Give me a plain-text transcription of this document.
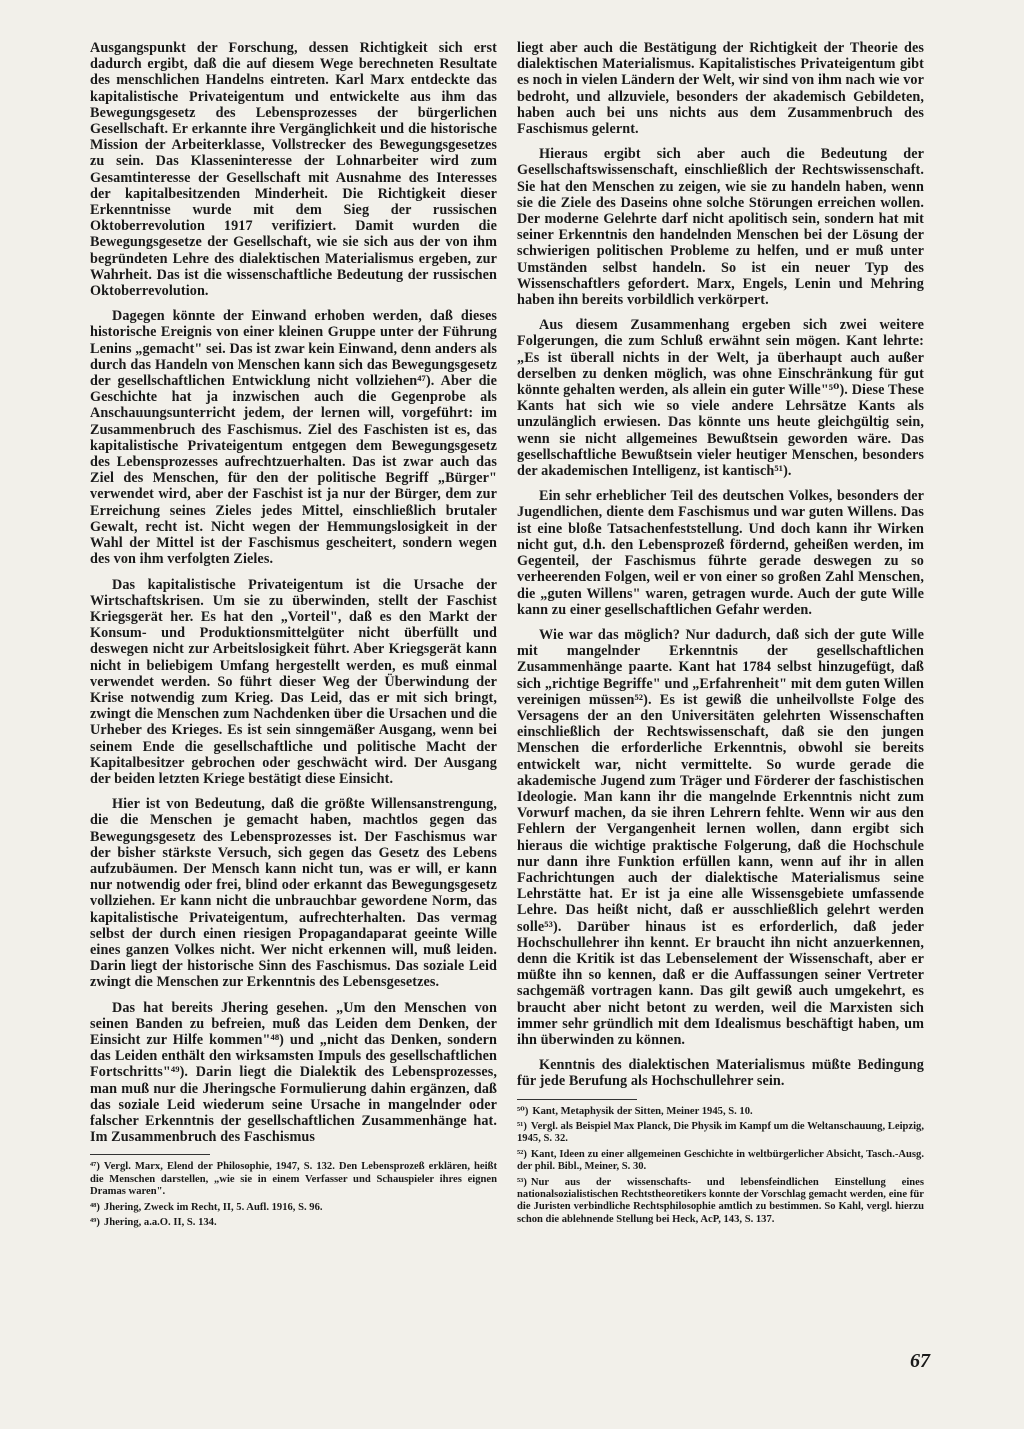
Ausgangspunkt der Forschung, dessen Richtigkeit sich erst dadurch ergibt, daß die auf diesem Wege berechneten Resultate des menschlichen Handelns eintreten. Karl Marx entdeckte das kapitalistische Privateigentum und entwickelte aus ihm das Bewegungsgesetz des Lebensprozesses der bürgerlichen Gesellschaft. Er erkannte ihre Vergänglichkeit und die historische Mission der Arbeiterklasse, Vollstrecker des Bewegungsgesetzes zu sein. Das Klasseninteresse der Lohnarbeiter wird zum Gesamtinteresse der Gesellschaft mit Ausnahme des Interesses der kapitalbesitzenden Minderheit. Die Richtigkeit dieser Erkenntnisse wurde mit dem Sieg der russischen Oktoberrevolution 1917 verifiziert. Damit wurden die Bewegungsgesetze der Gesellschaft, wie sie sich aus der von ihm begründeten Lehre des dialektischen Materialismus ergeben, zur Wahrheit. Das ist die wissenschaftliche Bedeutung der russischen Oktoberrevolution.

Dagegen könnte der Einwand erhoben werden, daß dieses historische Ereignis von einer kleinen Gruppe unter der Führung Lenins „gemacht" sei. Das ist zwar kein Einwand, denn anders als durch das Handeln von Menschen kann sich das Bewegungsgesetz der gesellschaftlichen Entwicklung nicht vollziehen⁴⁷). Aber die Geschichte hat ja inzwischen auch die Gegenprobe als Anschauungsunterricht jedem, der lernen will, vorgeführt: im Zusammenbruch des Faschismus. Ziel des Faschisten ist es, das kapitalistische Privateigentum entgegen dem Bewegungsgesetz des Lebensprozesses aufrechtzuerhalten. Das ist zwar auch das Ziel des Menschen, für den der politische Begriff „Bürger" verwendet wird, aber der Faschist ist ja nur der Bürger, dem zur Erreichung seines Zieles jedes Mittel, einschließlich brutaler Gewalt, recht ist. Nicht wegen der Hemmungslosigkeit in der Wahl der Mittel ist der Faschismus gescheitert, sondern wegen des von ihm verfolgten Zieles.

Das kapitalistische Privateigentum ist die Ursache der Wirtschaftskrisen. Um sie zu überwinden, stellt der Faschist Kriegsgerät her. Es hat den „Vorteil", daß es den Markt der Konsum- und Produktionsmittelgüter nicht überfüllt und deswegen nicht zur Arbeitslosigkeit führt. Aber Kriegsgerät kann nicht in beliebigem Umfang hergestellt werden, es muß einmal verwendet werden. So führt dieser Weg der Überwindung der Krise notwendig zum Krieg. Das Leid, das er mit sich bringt, zwingt die Menschen zum Nachdenken über die Ursachen und die Urheber des Krieges. Es ist sein sinngemäßer Ausgang, wenn bei seinem Ende die gesellschaftliche und politische Macht der Kapitalbesitzer gebrochen oder geschwächt wird. Der Ausgang der beiden letzten Kriege bestätigt diese Einsicht.

Hier ist von Bedeutung, daß die größte Willensanstrengung, die die Menschen je gemacht haben, machtlos gegen das Bewegungsgesetz des Lebensprozesses ist. Der Faschismus war der bisher stärkste Versuch, sich gegen das Gesetz des Lebens aufzubäumen. Der Mensch kann nicht tun, was er will, er kann nur notwendig oder frei, blind oder erkannt das Bewegungsgesetz vollziehen. Er kann nicht die unbrauchbar gewordene Norm, das kapitalistische Privateigentum, aufrechterhalten. Das vermag selbst der durch einen riesigen Propagandaparat geeinte Wille eines ganzen Volkes nicht. Wer nicht erkennen will, muß leiden. Darin liegt der historische Sinn des Faschismus. Das soziale Leid zwingt die Menschen zur Erkenntnis des Lebensgesetzes.

Das hat bereits Jhering gesehen. „Um den Menschen von seinen Banden zu befreien, muß das Leiden dem Denken, der Einsicht zur Hilfe kommen"⁴⁸) und „nicht das Denken, sondern das Leiden enthält den wirksamsten Impuls des gesellschaftlichen Fortschritts"⁴⁹). Darin liegt die Dialektik des Lebensprozesses, man muß nur die Jheringsche Formulierung dahin ergänzen, daß das soziale Leid wiederum seine Ursache in mangelnder oder falscher Erkenntnis der gesellschaftlichen Zusammenhänge hat. Im Zusammenbruch des Faschismus

⁴⁷) Vergl. Marx, Elend der Philosophie, 1947, S. 132. Den Lebensprozeß erklären, heißt die Menschen darstellen, „wie sie in einem Verfasser und Schauspieler ihres eignen Dramas waren".

⁴⁸) Jhering, Zweck im Recht, II, 5. Aufl. 1916, S. 96.

⁴⁹) Jhering, a.a.O. II, S. 134.

liegt aber auch die Bestätigung der Richtigkeit der Theorie des dialektischen Materialismus. Kapitalistisches Privateigentum gibt es noch in vielen Ländern der Welt, wir sind von ihm nach wie vor bedroht, und allzuviele, besonders der akademisch Gebildeten, haben auch bei uns nichts aus dem Zusammenbruch des Faschismus gelernt.

Hieraus ergibt sich aber auch die Bedeutung der Gesellschaftswissenschaft, einschließlich der Rechtswissenschaft. Sie hat den Menschen zu zeigen, wie sie zu handeln haben, wenn sie die Ziele des Daseins ohne solche Störungen erreichen wollen. Der moderne Gelehrte darf nicht apolitisch sein, sondern hat mit seiner Erkenntnis den handelnden Menschen bei der Lösung der schwierigen politischen Probleme zu helfen, und er muß unter Umständen selbst handeln. So ist ein neuer Typ des Wissenschaftlers gefordert. Marx, Engels, Lenin und Mehring haben ihn bereits vorbildlich verkörpert.

Aus diesem Zusammenhang ergeben sich zwei weitere Folgerungen, die zum Schluß erwähnt sein mögen. Kant lehrte: „Es ist überall nichts in der Welt, ja überhaupt auch außer derselben zu denken möglich, was ohne Einschränkung für gut könnte gehalten werden, als allein ein guter Wille"⁵⁰). Diese These Kants hat sich wie so viele andere Lehrsätze Kants als unzulänglich erwiesen. Das könnte uns heute gleichgültig sein, wenn sie nicht allgemeines Bewußtsein geworden wäre. Das gesellschaftliche Bewußtsein vieler heutiger Menschen, besonders der akademischen Intelligenz, ist kantisch⁵¹).

Ein sehr erheblicher Teil des deutschen Volkes, besonders der Jugendlichen, diente dem Faschismus und war guten Willens. Das ist eine bloße Tatsachenfeststellung. Und doch kann ihr Wirken nicht gut, d.h. den Lebensprozeß fördernd, geheißen werden, im Gegenteil, der Faschismus führte gerade deswegen zu so verheerenden Folgen, weil er von einer so großen Zahl Menschen, die „guten Willens" waren, getragen wurde. Auch der gute Wille kann zu einer gesellschaftlichen Gefahr werden.

Wie war das möglich? Nur dadurch, daß sich der gute Wille mit mangelnder Erkenntnis der gesellschaftlichen Zusammenhänge paarte. Kant hat 1784 selbst hinzugefügt, daß sich „richtige Begriffe" und „Erfahrenheit" mit dem guten Willen vereinigen müssen⁵²). Es ist gewiß die unheilvollste Folge des Versagens der an den Universitäten gelehrten Wissenschaften einschließlich der Rechtswissenschaft, daß sie den jungen Menschen die erforderliche Erkenntnis, obwohl sie bereits entwickelt war, nicht vermittelte. So wurde gerade die akademische Jugend zum Träger und Förderer der faschistischen Ideologie. Man kann ihr die mangelnde Erkenntnis nicht zum Vorwurf machen, da sie ihren Lehrern fehlte. Wenn wir aus den Fehlern der Vergangenheit lernen wollen, dann ergibt sich hieraus die wichtige praktische Folgerung, daß die Hochschule nur dann ihre Funktion erfüllen kann, wenn auf ihr in allen Fachrichtungen auch der dialektische Materialismus seine Lehrstätte hat. Er ist ja eine alle Wissensgebiete umfassende Lehre. Das heißt nicht, daß er ausschließlich gelehrt werden solle⁵³). Darüber hinaus ist es erforderlich, daß jeder Hochschullehrer ihn kennt. Er braucht ihn nicht anzuerkennen, denn die Kritik ist das Lebenselement der Wissenschaft, aber er müßte ihn so kennen, daß er die Auffassungen seiner Vertreter sachgemäß vortragen kann. Das gilt gewiß auch umgekehrt, es braucht aber nicht betont zu werden, weil die Marxisten sich immer sehr gründlich mit dem Idealismus beschäftigt haben, um ihn überwinden zu können.

Kenntnis des dialektischen Materialismus müßte Bedingung für jede Berufung als Hochschullehrer sein.

⁵⁰) Kant, Metaphysik der Sitten, Meiner 1945, S. 10.

⁵¹) Vergl. als Beispiel Max Planck, Die Physik im Kampf um die Weltanschauung, Leipzig, 1945, S. 32.

⁵²) Kant, Ideen zu einer allgemeinen Geschichte in weltbürgerlicher Absicht, Tasch.-Ausg. der phil. Bibl., Meiner, S. 30.

⁵³) Nur aus der wissenschafts- und lebensfeindlichen Einstellung eines nationalsozialistischen Rechtstheoretikers konnte der Vorschlag gemacht werden, eine für die Juristen verbindliche Rechtsphilosophie amtlich zu bestimmen. So Kahl, vergl. hierzu schon die ablehnende Stellung bei Heck, AcP, 143, S. 137.

67
